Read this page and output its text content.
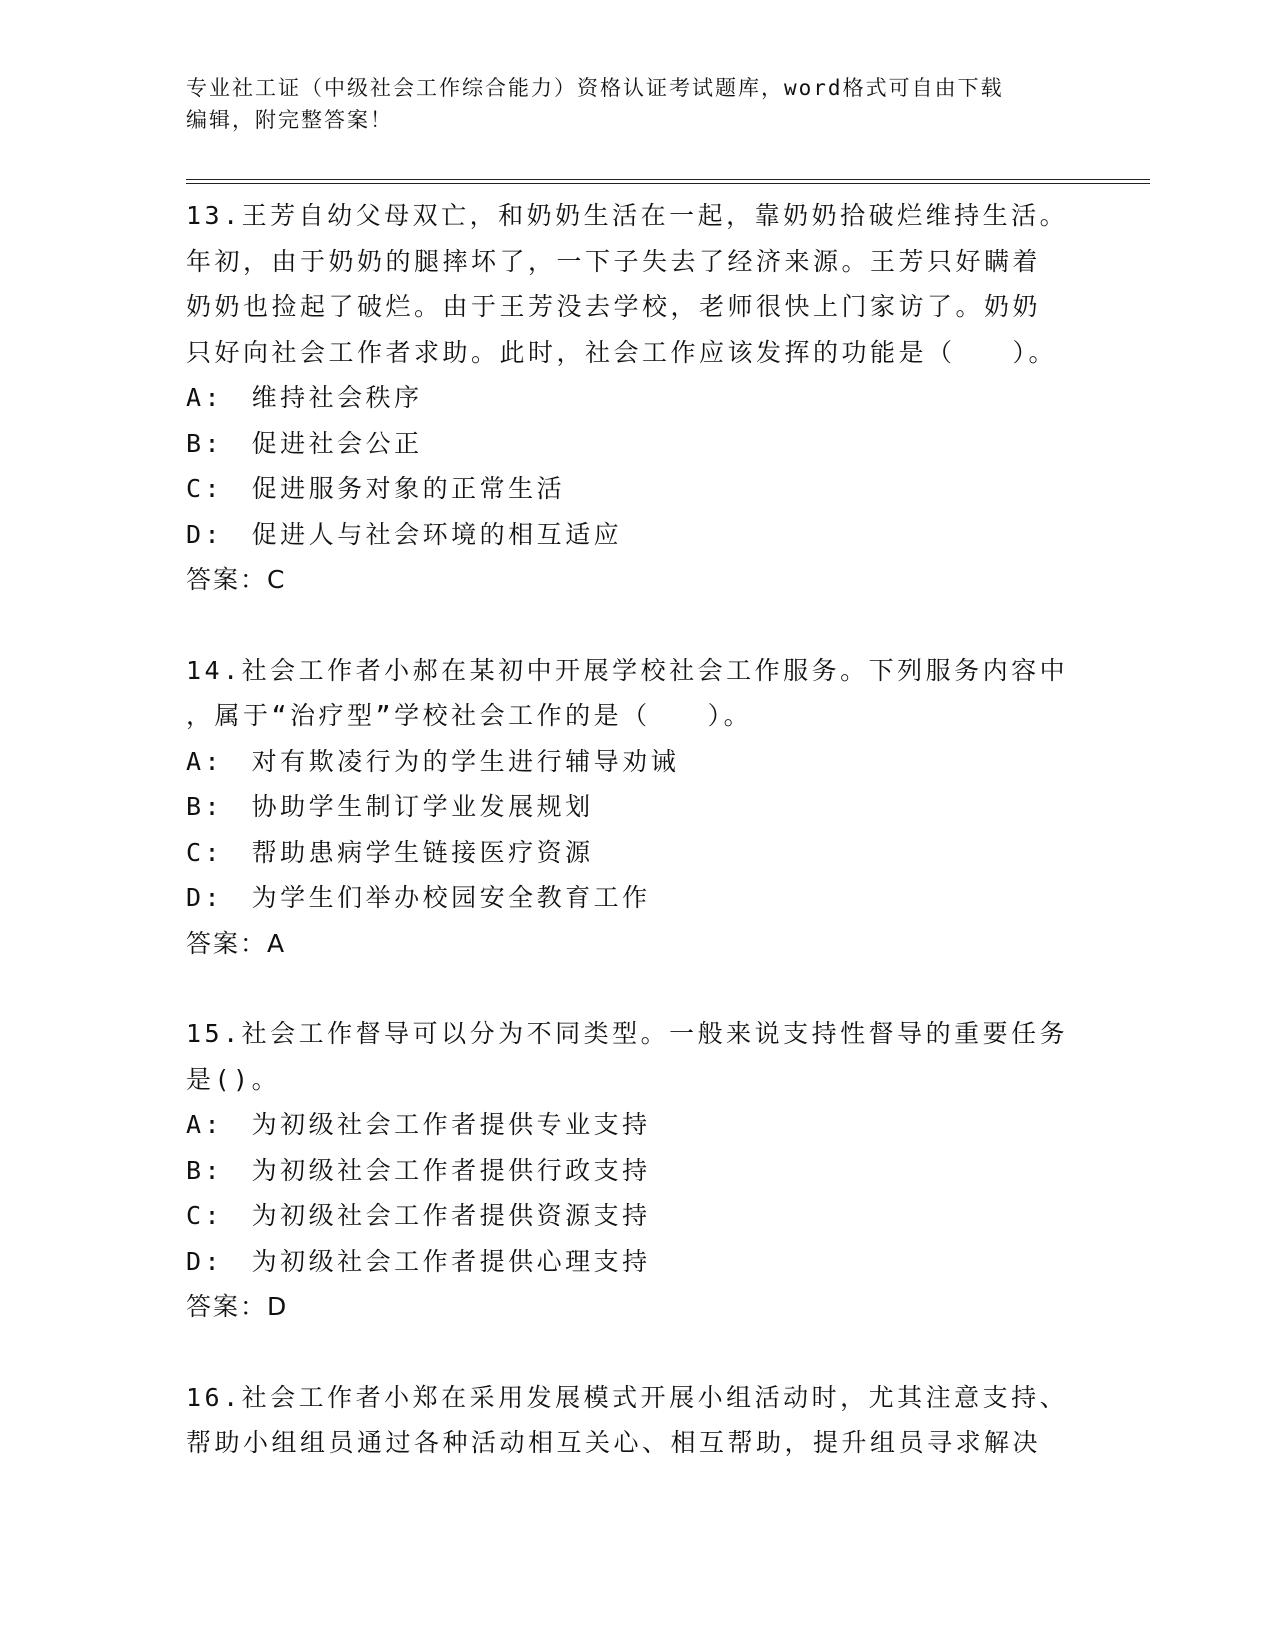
专业社工证（中级社会工作综合能力）资格认证考试题库，word格式可自由下载
编辑，附完整答案！

13.王芳自幼父母双亡，和奶奶生活在一起，靠奶奶拾破烂维持生活。

年初，由于奶奶的腿摔坏了，一下子失去了经济来源。王芳只好瞒着

奶奶也捡起了破烂。由于王芳没去学校，老师很快上门家访了。奶奶

只好向社会工作者求助。此时，社会工作应该发挥的功能是（　　）。

A:　维持社会秩序

B:　促进社会公正

C:　促进服务对象的正常生活

D:　促进人与社会环境的相互适应

答案：C

14.社会工作者小郝在某初中开展学校社会工作服务。下列服务内容中

，属于“治疗型”学校社会工作的是（　　）。

A:　对有欺凌行为的学生进行辅导劝诫

B:　协助学生制订学业发展规划

C:　帮助患病学生链接医疗资源

D:　为学生们举办校园安全教育工作

答案：A

15.社会工作督导可以分为不同类型。一般来说支持性督导的重要任务

是()。

A:　为初级社会工作者提供专业支持

B:　为初级社会工作者提供行政支持

C:　为初级社会工作者提供资源支持

D:　为初级社会工作者提供心理支持

答案：D

16.社会工作者小郑在采用发展模式开展小组活动时，尤其注意支持、

帮助小组组员通过各种活动相互关心、相互帮助，提升组员寻求解决
